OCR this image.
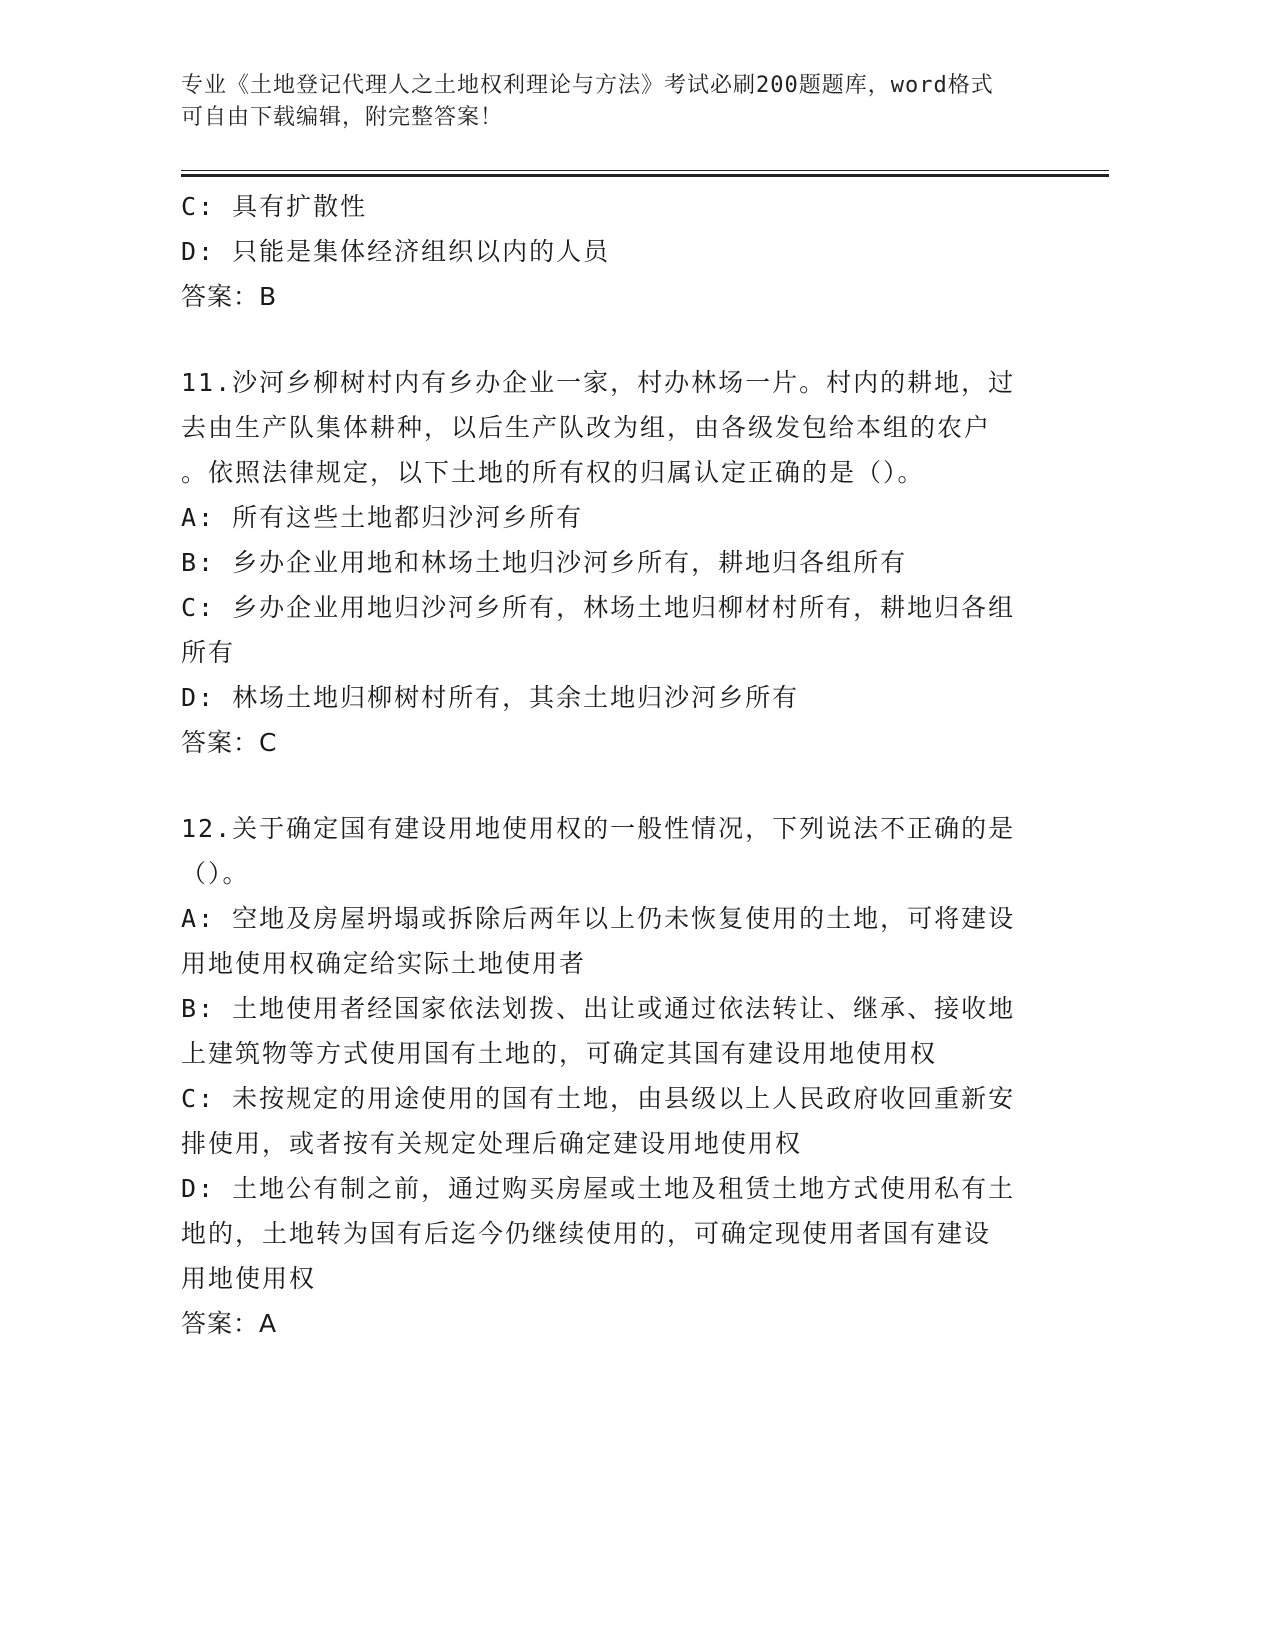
专业《土地登记代理人之土地权利理论与方法》考试必刷200题题库，word格式
可自由下载编辑，附完整答案！

C: 具有扩散性

D: 只能是集体经济组织以内的人员

答案：B

11.沙河乡柳树村内有乡办企业一家，村办林场一片。村内的耕地，过

去由生产队集体耕种，以后生产队改为组，由各级发包给本组的农户

。依照法律规定，以下土地的所有权的归属认定正确的是（）。

A: 所有这些土地都归沙河乡所有

B: 乡办企业用地和林场土地归沙河乡所有，耕地归各组所有

C: 乡办企业用地归沙河乡所有，林场土地归柳材村所有，耕地归各组

所有

D: 林场土地归柳树村所有，其余土地归沙河乡所有

答案：C

12.关于确定国有建设用地使用权的一般性情况，下列说法不正确的是

（）。

A: 空地及房屋坍塌或拆除后两年以上仍未恢复使用的土地，可将建设

用地使用权确定给实际土地使用者

B: 土地使用者经国家依法划拨、出让或通过依法转让、继承、接收地

上建筑物等方式使用国有土地的，可确定其国有建设用地使用权

C: 未按规定的用途使用的国有土地，由县级以上人民政府收回重新安

排使用，或者按有关规定处理后确定建设用地使用权

D: 土地公有制之前，通过购买房屋或土地及租赁土地方式使用私有土

地的，土地转为国有后迄今仍继续使用的，可确定现使用者国有建设

用地使用权

答案：A
